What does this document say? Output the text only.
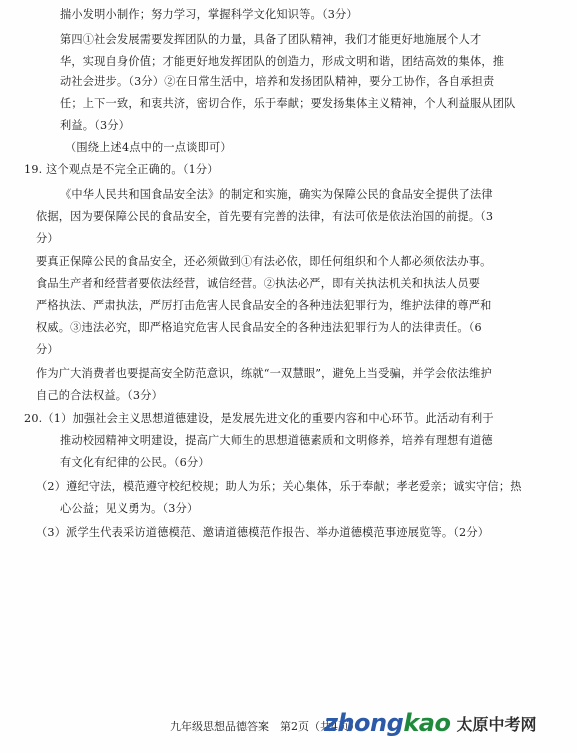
揣小发明小制作；努力学习，掌握科学文化知识等。（3分）
第四①社会发展需要发挥团队的力量，具备了团队精神，我们才能更好地施展个人才
华，实现自身价值；才能更好地发挥团队的创造力，形成文明和谐，团结高效的集体，推
动社会进步。（3分）②在日常生活中，培养和发扬团队精神，要分工协作，各自承担责
任；上下一致，和衷共济，密切合作，乐于奉献；要发扬集体主义精神，个人利益服从团队
利益。（3分）
（围绕上述4点中的一点谈即可）
19. 这个观点是不完全正确的。（1分）
《中华人民共和国食品安全法》的制定和实施，确实为保障公民的食品安全提供了法律
依据，因为要保障公民的食品安全，首先要有完善的法律，有法可依是依法治国的前提。（3
分）
要真正保障公民的食品安全，还必须做到①有法必依，即任何组织和个人都必须依法办事。
食品生产者和经营者要依法经营，诚信经营。②执法必严，即有关执法机关和执法人员要
严格执法、严肃执法，严厉打击危害人民食品安全的各种违法犯罪行为，维护法律的尊严和
权威。③违法必究，即严格追究危害人民食品安全的各种违法犯罪行为人的法律责任。（6
分）
作为广大消费者也要提高安全防范意识，练就“一双慧眼”，避免上当受骗，并学会依法维护
自己的合法权益。（3分）
20.（1）加强社会主义思想道德建设，是发展先进文化的重要内容和中心环节。此活动有利于
推动校园精神文明建设，提高广大师生的思想道德素质和文明修养，培养有理想有道德
有文化有纪律的公民。（6分）
（2）遵纪守法，模范遵守校纪校规；助人为乐；关心集体，乐于奉献；孝老爱亲；诚实守信；热
心公益；见义勇为。（3分）
（3）派学生代表采访道德模范、邀请道德模范作报告、举办道德模范事迹展览等。（2分）
九年级思想品德答案　第2页（共4页）
zhongkao 太原中考网
